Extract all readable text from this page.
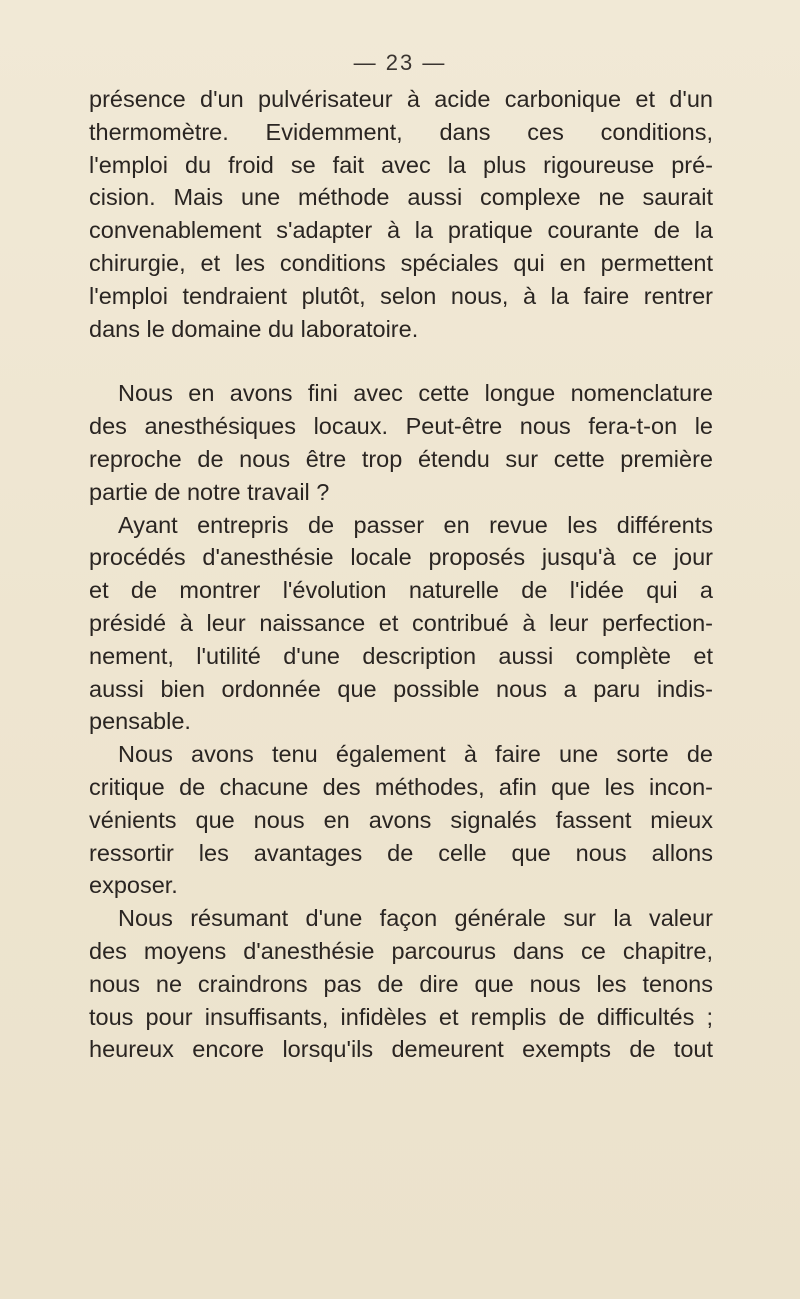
— 23 —
présence d'un pulvérisateur à acide carbonique et d'un
thermomètre. Evidemment, dans ces conditions,
l'emploi du froid se fait avec la plus rigoureuse pré-
cision. Mais une méthode aussi complexe ne saurait
convenablement s'adapter à la pratique courante de la
chirurgie, et les conditions spéciales qui en permettent
l'emploi tendraient plutôt, selon nous, à la faire rentrer
dans le domaine du laboratoire.
Nous en avons fini avec cette longue nomenclature
des anesthésiques locaux. Peut-être nous fera-t-on le
reproche de nous être trop étendu sur cette première
partie de notre travail ?
Ayant entrepris de passer en revue les différents
procédés d'anesthésie locale proposés jusqu'à ce jour
et de montrer l'évolution naturelle de l'idée qui a
présidé à leur naissance et contribué à leur perfection-
nement, l'utilité d'une description aussi complète et
aussi bien ordonnée que possible nous a paru indis-
pensable.
Nous avons tenu également à faire une sorte de
critique de chacune des méthodes, afin que les incon-
vénients que nous en avons signalés fassent mieux
ressortir les avantages de celle que nous allons
exposer.
Nous résumant d'une façon générale sur la valeur
des moyens d'anesthésie parcourus dans ce chapitre,
nous ne craindrons pas de dire que nous les tenons
tous pour insuffisants, infidèles et remplis de difficultés ;
heureux encore lorsqu'ils demeurent exempts de tout
